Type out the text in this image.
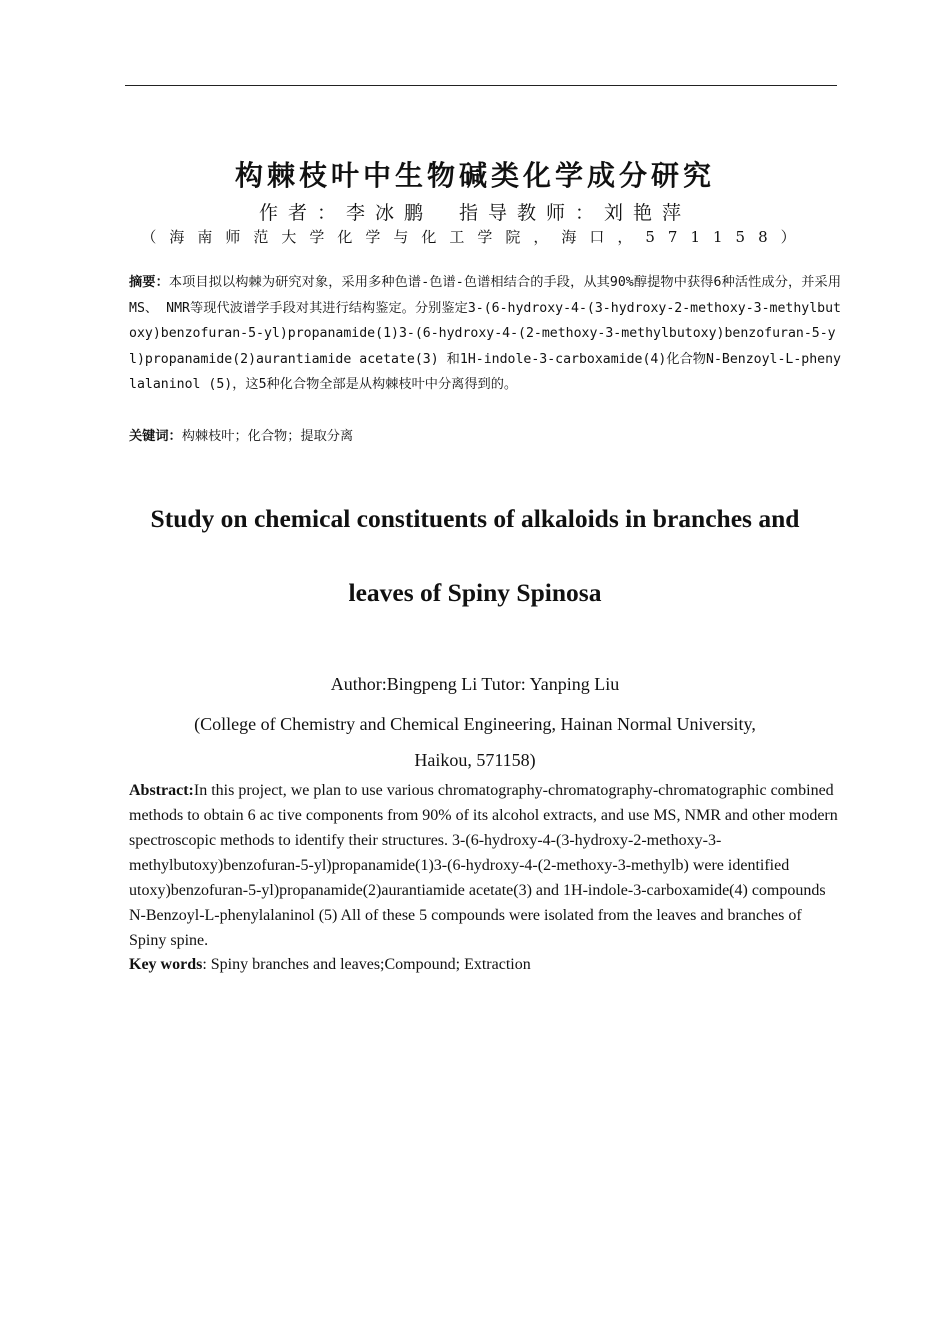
构棘枝叶中生物碱类化学成分研究
作者：李冰鹏 指导教师：刘艳萍
（海南师范大学化学与化工学院，海口，571158）
摘要：本项目拟以构棘为研究对象，采用多种色谱-色谱-色谱相结合的手段，从其90%醇提物中获得6种活性成分，并采用 MS、 NMR等现代波谱学手段对其进行结构鉴定。分别鉴定3-(6-hydroxy-4-(3-hydroxy-2-methoxy-3-methylbutoxy)benzofuran-5-yl)propanamide(1)3-(6-hydroxy-4-(2-methoxy-3-methylbutoxy)benzofuran-5-yl)propanamide(2)aurantiamide acetate(3) 和1H-indole-3-carboxamide(4)化合物N-Benzoyl-L-phenylalaninol (5)，这5种化合物全部是从构棘枝叶中分离得到的。
关键词：构棘枝叶；化合物；提取分离
Study on chemical constituents of alkaloids in branches and
leaves of Spiny Spinosa
Author:Bingpeng Li Tutor: Yanping Liu
(College of Chemistry and Chemical Engineering, Hainan Normal University,
Haikou, 571158)
Abstract:In this project, we plan to use various chromatography-chromatography-chromatographic combined methods to obtain 6 ac tive components from 90% of its alcohol extracts, and use MS, NMR and other modern spectroscopic methods to identify their structures. 3-(6-hydroxy-4-(3-hydroxy-2-methoxy-3-methylbutoxy)benzofuran-5-yl)propanamide(1)3-(6-hydroxy-4-(2-methoxy-3-methylb) were identified utoxy)benzofuran-5-yl)propanamide(2)aurantiamide acetate(3) and 1H-indole-3-carboxamide(4) compounds N-Benzoyl-L-phenylalaninol (5) All of these 5 compounds were isolated from the leaves and branches of Spiny spine.
Key words: Spiny branches and leaves;Compound; Extraction
